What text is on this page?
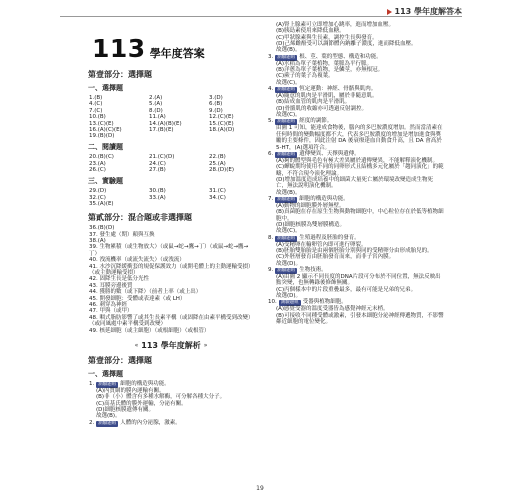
113 學年度解答本
113 學年度答案
第壹部分：選擇題
一、選擇題
1.(B)	2.(A)	3.(D)
4.(C)	5.(A)	6.(B)
7.(C)	8.(D)	9.(D)
10.(B)	11.(A)	12.(C)(E)
13.(C)(E)	14.(A)(B)(E)	15.(C)(E)
16.(A)(C)(E)	17.(B)(E)	18.(A)(D)
19.(B)(D)
二、閱讀題
20.(B)(C)	21.(C)(D)	22.(B)
23.(A)	24.(C)	25.(A)
26.(C)	27.(B)	28.(D)(E)
三、實驗題
29.(D)	30.(B)	31.(C)
32.(C)	33.(A)	34.(C)
35.(A)(E)
第貳部分：混合題或非選擇題
36.(B)(D)
37. 發生處（期）顛與互換
38.(A)
39. 生物累積（或生物放大）（或鼠→蛇→鷹→丁）（或鼠→蛇→鷹→丁）
40. 洩流機率（或流失流失）（或洩流）
41. 水沙沉降緩衝套的規促保護效力（或開毛體上的主動運輸受損）（或主動運輸受損）
42. 固降生長是低分光性
43. 耳膜旁邊後質
44. 獲勝的數（或下降）（前者上率（或上出）
45. 開發細胞：受體或表達素（或 LH）
46. 刺穿為神經
47. 甲與（或甲）
48. 咽式脂肪影響了或其生長素平構（或固降在由素平構受到改變）（或同風處中素平構受到改變）
49. 核延細胞（或主細胞）（或根細胞）（或根管）
« 113 學年度解析 »
第壹部分：選擇題
一、選擇題
1. 測驗題組 細胞的構造與功能。
(A)內質網的膜內運輸有關。
(B)非（小）體含有多種水解酶，可分解各種大分子。
(C)高基氏體的膜外運輸，分泌有關。
(D)細胞核膜遺傳有關。
故選(B)。
2. 測驗題組 人體的內分泌腺，激素。
(A)腎上腺素可立即增加心跳率，進而增加血壓。
(B)胰島素使用來降低血糖。
(C)甲狀腺素與生長素，調控生長與發育。
(D)己烯雌酚受可以調節體內鈉離子濃度，進而降低血壓。
故選(B)。
3. 測驗題組 根、莖、葉的型態、構造和功能。
(A)水稻為單子葉植物，葉脈為平行脈。
(B)洋蔥為單子葉植物，是鱗莖，亦無根冠。
(C)蕨子的葉子為複葉。
故選(C)。
4. 測驗題組 恆定運動：神經、骨骼與肌肉。
(A)隨意的肌肉是平滑肌，屬於非隨意肌。
(B)結成血管的肌肉是平滑肌。
(D)骨骼肌的收縮亦可透過反射調控。
故選(C)。
5. 測驗題組 經度的調節。
由圖 1 可知，能達成食物後，腦內的多巴胺濃度增加。然而當清素在任何時間的變動幅度都不大，代表多巴胺濃度的增加是增加進食與獎勵的主要條件，因此注射 DA 後衰療達血自動食升高，且 DA 會高於 5-HT，(A)選項符合。
6. 測驗題組 遺傳變異、天擇與遺傳。
(A)夠的體型與毛色有極大差異屬於遺傳變異，不能解釋演化機制。
(C)蟬蛻期均使用不同的同卵形式且結構多元化屬於「趨同演化」的範疇，不符合現今演化理論。
(D)增加溫度造成培養中的細菌大量死亡屬於環境改變造成生物死亡，無法說明演化機制。
故選(B)。
7. 測驗題組 細胞的構造與功能。
(A)動物的細胞膜外層無壁。
(B)真菌胞在存在原生生物與動物細胞中，中心粒位存在於低等植物細胞中。
(D)細胞核膜為雙層膜構造。
故選(C)。
8. 測驗題組 生殖過程及胚胎的發育。
(A)受精卵在輸卵管內即可進行卵裂。
(B)胚胎雙胎胎是由兩個胚胎分別與同的受精卵分由形成胎兒的。
(C)外胚層發育由胚胎發育而來，而非子宮內膜。
故選(D)。
9. 測驗題組 生物技術。
(A)由圖 2 顯示不同長度的DNA片段可分布於不同位置，無法反映出點突變，也無轉錄後修飾無關。
(C)丙個樣本中的片段重疊最多，最有可能是兄弟的兄弟。
故選(D)。
10. 測驗題組 受器與植物細胞。
(A)感覺受器的溫度受器皆為感覺神經元末梢。
(B)可接收不同種受體或激素，引發本細胞分泌神經傳遞物質，不影響鄰近細胞的電位變化。
19
